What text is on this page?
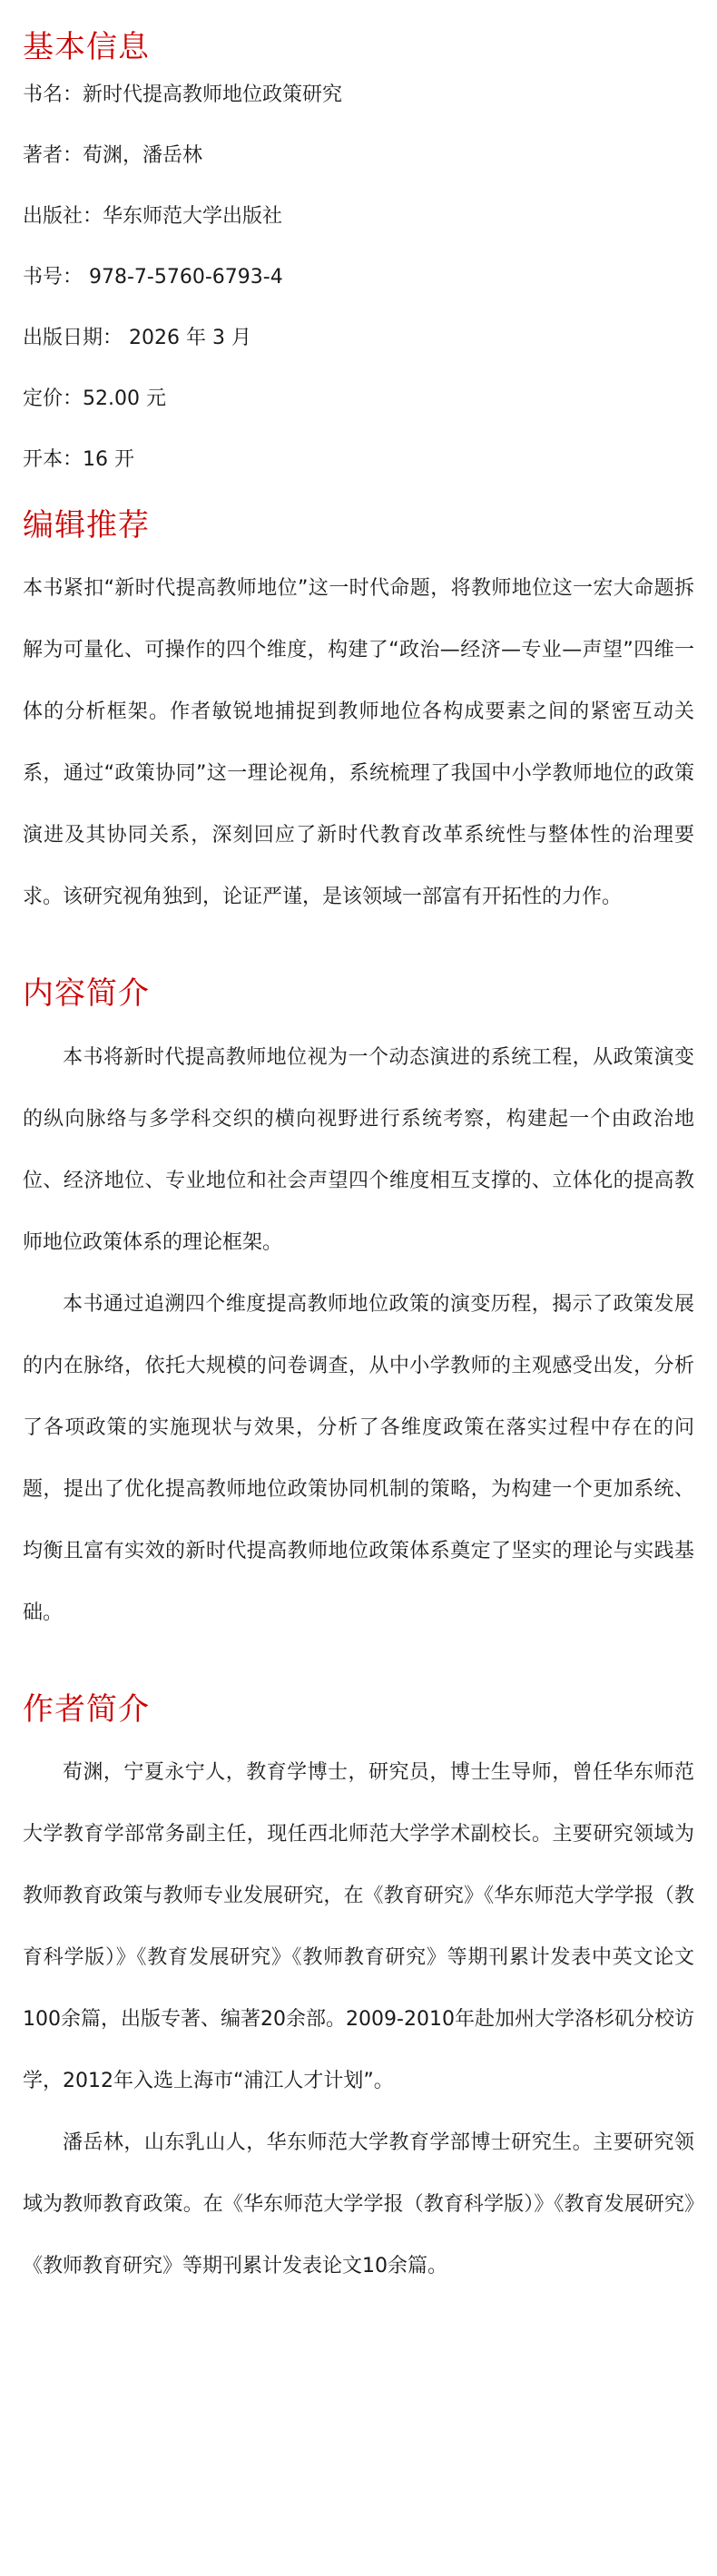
基本信息
书名：新时代提高教师地位政策研究
著者：荀渊，潘岳林
出版社：华东师范大学出版社
书号： 978-7-5760-6793-4
出版日期： 2026 年 3 月
定价：52.00 元
开本：16 开
编辑推荐

本书紧扣“新时代提高教师地位”这一时代命题，将教师地位这一宏大命题拆解为可量化、可操作的四个维度，构建了“政治—经济—专业—声望”四维一体的分析框架。作者敏锐地捕捉到教师地位各构成要素之间的紧密互动关系，通过“政策协同”这一理论视角，系统梳理了我国中小学教师地位的政策演进及其协同关系，深刻回应了新时代教育改革系统性与整体性的治理要求。该研究视角独到，论证严谨，是该领域一部富有开拓性的力作。

内容简介

本书将新时代提高教师地位视为一个动态演进的系统工程，从政策演变的纵向脉络与多学科交织的横向视野进行系统考察，构建起一个由政治地位、经济地位、专业地位和社会声望四个维度相互支撑的、立体化的提高教师地位政策体系的理论框架。

本书通过追溯四个维度提高教师地位政策的演变历程，揭示了政策发展的内在脉络，依托大规模的问卷调查，从中小学教师的主观感受出发，分析了各项政策的实施现状与效果，分析了各维度政策在落实过程中存在的问题，提出了优化提高教师地位政策协同机制的策略，为构建一个更加系统、均衡且富有实效的新时代提高教师地位政策体系奠定了坚实的理论与实践基础。

作者简介

荀渊，宁夏永宁人，教育学博士，研究员，博士生导师，曾任华东师范大学教育学部常务副主任，现任西北师范大学学术副校长。主要研究领域为教师教育政策与教师专业发展研究，在《教育研究》《华东师范大学学报（教育科学版）》《教育发展研究》《教师教育研究》等期刊累计发表中英文论文100余篇，出版专著、编著20余部。2009-2010年赴加州大学洛杉矶分校访学，2012年入选上海市“浦江人才计划”。

潘岳林，山东乳山人，华东师范大学教育学部博士研究生。主要研究领域为教师教育政策。在《华东师范大学学报（教育科学版）》《教育发展研究》《教师教育研究》等期刊累计发表论文10余篇。
